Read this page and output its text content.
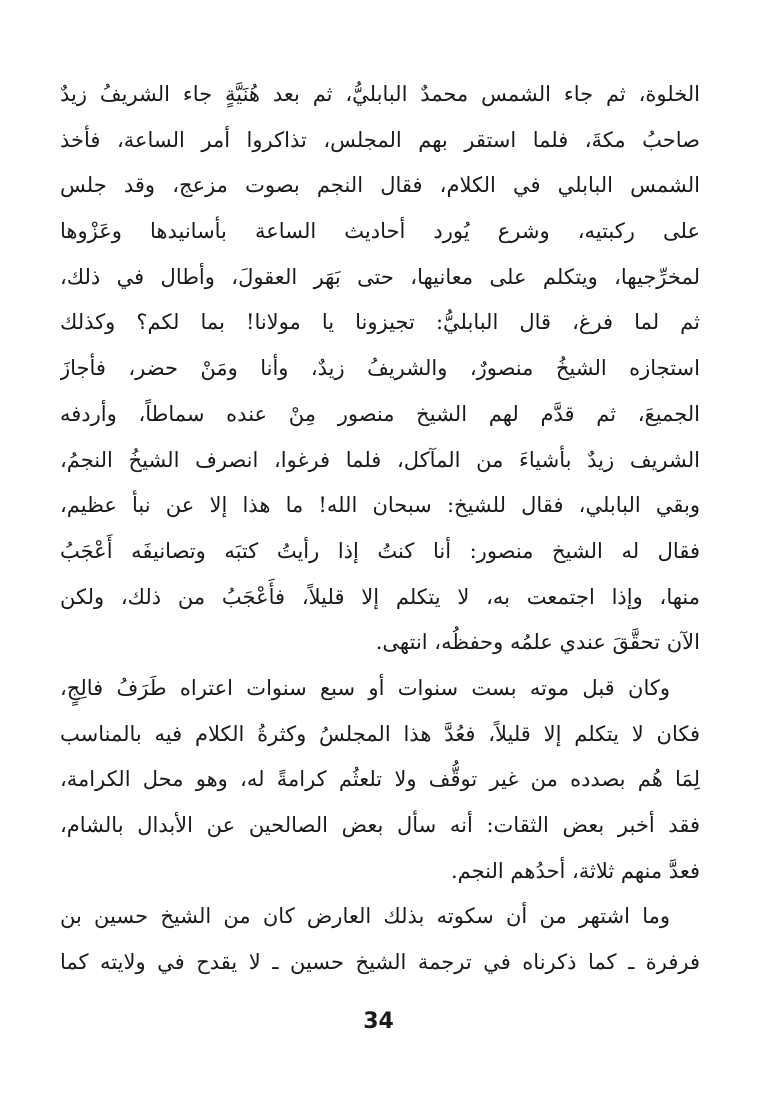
الخلوة، ثم جاء الشمس محمدٌ البابليُّ، ثم بعد هُنَيَّةٍ جاء الشريفُ زيدٌ
صاحبُ مكةَ، فلما استقر بهم المجلس، تذاكروا أمر الساعة، فأخذ
الشمس البابلي في الكلام، فقال النجم بصوت مزعج، وقد جلس
على ركبتيه، وشرع يُورد أحاديث الساعة بأسانيدها وعَزْوها
لمخرِّجيها، ويتكلم على معانيها، حتى بَهَر العقولَ، وأطال في ذلك،
ثم لما فرغ، قال البابليُّ: تجيزونا يا مولانا! بما لكم؟ وكذلك
استجازه الشيخُ منصورٌ، والشريفُ زيدٌ، وأنا ومَنْ حضر، فأجازَ
الجميعَ، ثم قدَّم لهم الشيخ منصور مِنْ عنده سماطاً، وأردفه
الشريف زيدٌ بأشياءَ من المآكل، فلما فرغوا، انصرف الشيخُ النجمُ،
وبقي البابلي، فقال للشيخ: سبحان الله! ما هذا إلا عن نبأ عظيم،
فقال له الشيخ منصور: أنا كنتُ إذا رأيتُ كتبَه وتصانيفَه أَعْجَبُ
منها، وإذا اجتمعت به، لا يتكلم إلا قليلاً، فأَعْجَبُ من ذلك، ولكن
الآن تحقَّقَ عندي علمُه وحفظُه، انتهى.
وكان قبل موته بست سنوات أو سبع سنوات اعتراه طَرَفُ فالِجٍ،
فكان لا يتكلم إلا قليلاً، فعُدَّ هذا المجلسُ وكثرةُ الكلام فيه بالمناسب
لِمَا هُم بصدده من غير توقُّف ولا تلعثُم كرامةً له، وهو محل الكرامة،
فقد أخبر بعض الثقات: أنه سأل بعض الصالحين عن الأبدال بالشام،
فعدَّ منهم ثلاثة، أحدُهم النجم.
وما اشتهر من أن سكوته بذلك العارض كان من الشيخ حسين بن
فرفرة ـ كما ذكرناه في ترجمة الشيخ حسين ـ لا يقدح في ولايته كما
34
